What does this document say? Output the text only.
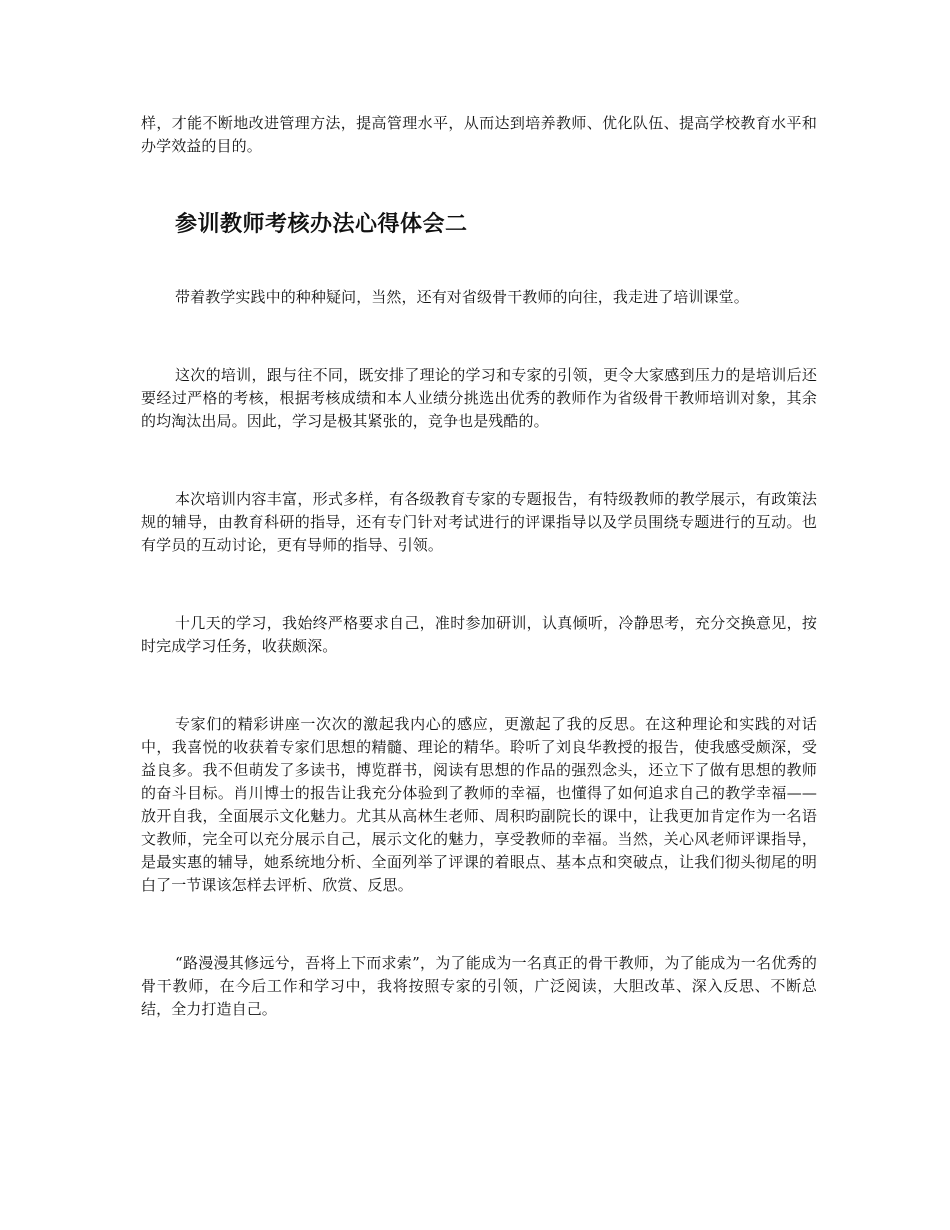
样，才能不断地改进管理方法，提高管理水平，从而达到培养教师、优化队伍、提高学校教育水平和办学效益的目的。

参训教师考核办法心得体会二

带着教学实践中的种种疑问，当然，还有对省级骨干教师的向往，我走进了培训课堂。

这次的培训，跟与往不同，既安排了理论的学习和专家的引领，更令大家感到压力的是培训后还要经过严格的考核，根据考核成绩和本人业绩分挑选出优秀的教师作为省级骨干教师培训对象，其余的均淘汰出局。因此，学习是极其紧张的，竞争也是残酷的。

本次培训内容丰富，形式多样，有各级教育专家的专题报告，有特级教师的教学展示，有政策法规的辅导，由教育科研的指导，还有专门针对考试进行的评课指导以及学员围绕专题进行的互动。也有学员的互动讨论，更有导师的指导、引领。

十几天的学习，我始终严格要求自己，准时参加研训，认真倾听，冷静思考，充分交换意见，按时完成学习任务，收获颇深。

专家们的精彩讲座一次次的激起我内心的感应，更激起了我的反思。在这种理论和实践的对话中，我喜悦的收获着专家们思想的精髓、理论的精华。聆听了刘良华教授的报告，使我感受颇深，受益良多。我不但萌发了多读书，博览群书，阅读有思想的作品的强烈念头，还立下了做有思想的教师的奋斗目标。肖川博士的报告让我充分体验到了教师的幸福，也懂得了如何追求自己的教学幸福——放开自我，全面展示文化魅力。尤其从高林生老师、周积昀副院长的课中，让我更加肯定作为一名语文教师，完全可以充分展示自己，展示文化的魅力，享受教师的幸福。当然，关心风老师评课指导，是最实惠的辅导，她系统地分析、全面列举了评课的着眼点、基本点和突破点，让我们彻头彻尾的明白了一节课该怎样去评析、欣赏、反思。

“路漫漫其修远兮，吾将上下而求索”，为了能成为一名真正的骨干教师，为了能成为一名优秀的骨干教师，在今后工作和学习中，我将按照专家的引领，广泛阅读，大胆改革、深入反思、不断总结，全力打造自己。
